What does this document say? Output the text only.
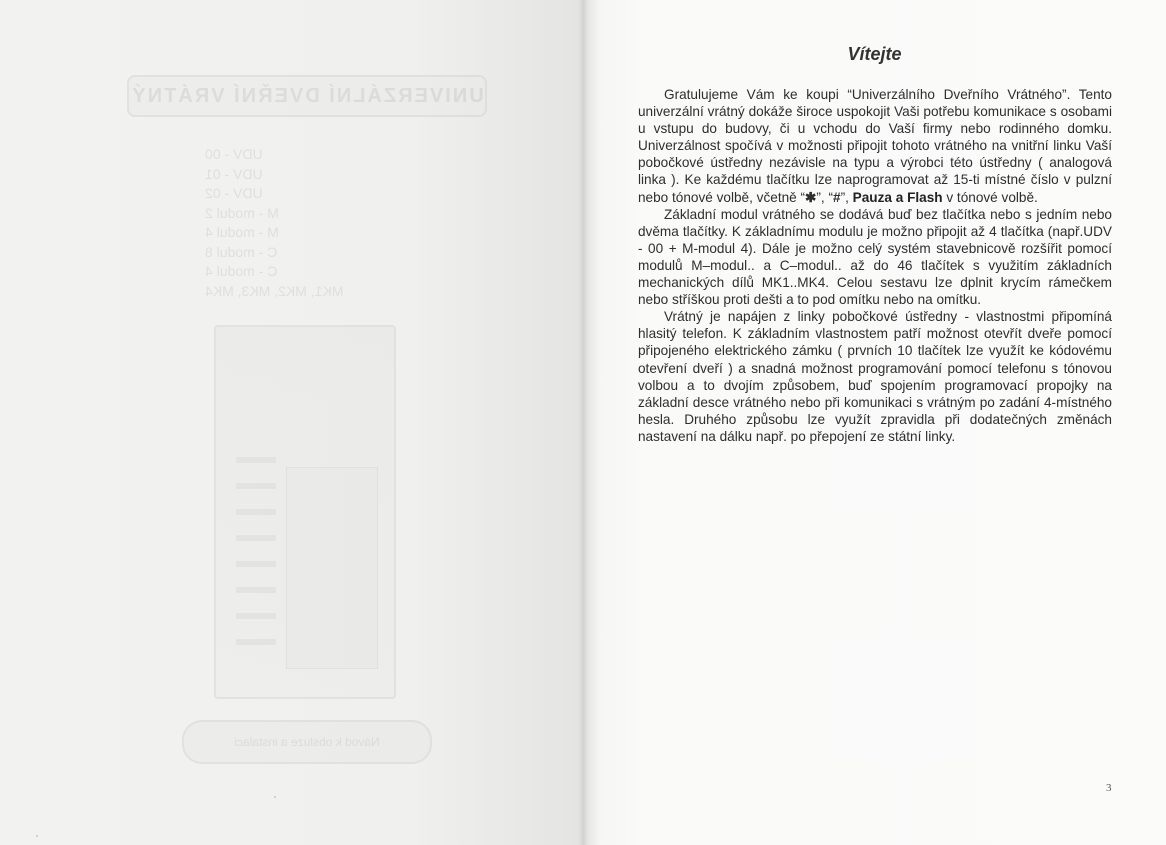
UNIVERZÁLNÍ DVEŘNÍ VRÁTNÝ
UDV - 00
UDV - 01
UDV - 02
M - modul 2
M - modul 4
C - modul 8
C - modul 4
MK1, MK2, MK3, MK4
Návod k obsluze a instalaci
Vítejte

Gratulujeme Vám ke koupi “Univerzálního Dveřního Vrátného”. Tento univerzální vrátný dokáže široce uspokojit Vaši potřebu komunikace s osobami u vstupu do budovy, či u vchodu do Vaší firmy nebo rodinného domku. Univerzálnost spočívá v možnosti připojit tohoto vrátného na vnitřní linku Vaší pobočkové ústředny nezávisle na typu a výrobci této ústředny ( analogová linka ). Ke každému tlačítku lze naprogramovat až 15-ti místné číslo v pulzní nebo tónové volbě, včetně “✱”, “#”, Pauza a Flash v tónové volbě.

Základní modul vrátného se dodává buď bez tlačítka nebo s jedním nebo dvěma tlačítky. K základnímu modulu je možno připojit až 4 tlačítka (např.UDV - 00 + M-modul 4). Dále je možno celý systém stavebnicově rozšířit pomocí modulů M–modul.. a C–modul.. až do 46 tlačítek s využitím základních mechanických dílů MK1..MK4. Celou sestavu lze dplnit krycím rámečkem nebo stříškou proti dešti a to pod omítku nebo na omítku.

Vrátný je napájen z linky pobočkové ústředny - vlastnostmi připomíná hlasitý telefon. K základním vlastnostem patří možnost otevřít dveře pomocí připojeného elektrického zámku ( prvních 10 tlačítek lze využít ke kódovému otevření dveří ) a snadná možnost programování pomocí telefonu s tónovou volbou a to dvojím způsobem, buď spojením programovací propojky na základní desce vrátného nebo při komunikaci s vrátným po zadání 4-místného hesla. Druhého způsobu lze využít zpravidla při dodatečných změnách nastavení na dálku např. po přepojení ze státní linky.

3
